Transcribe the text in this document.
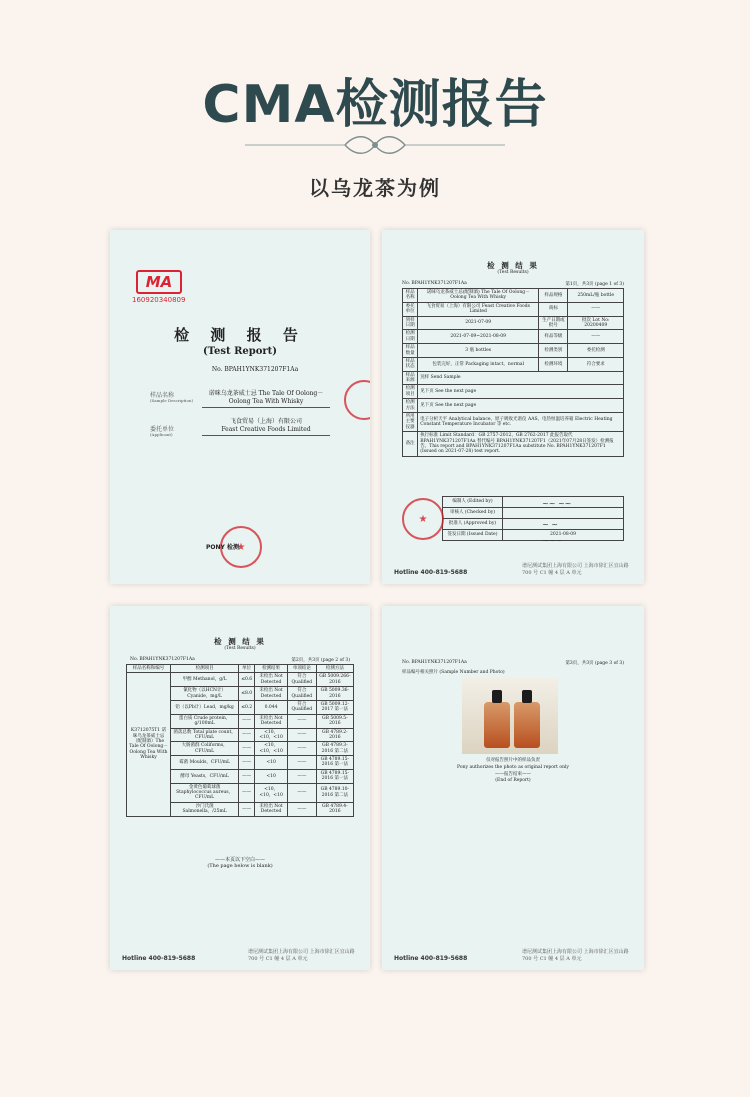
CMA检测报告
以乌龙茶为例
MA
160920340809
检 测 报 告
(Test Report)
No. BPAH1YNK371207F1Aa
样品名称
(Sample Description)
诺咪乌龙茶威士忌 The Tale Of Oolong－ Oolong Tea With Whisky
委托单位
(Applicant)
飞食贸易（上海）有限公司
Feast Creative Foods Limited
★
PONY 检测
检 测 结 果
(Test Results)
No. BPAH1YNK371207F1Aa	第1页，共3页 (page 1 of 3)
样品名称	诺咪乌龙茶威士忌(配制酒) The Tale Of Oolong－Oolong Tea With Whisky	样品规格	250mL/瓶 bottle
委托单位	飞食贸易（上海）有限公司 Feast Creative Foods Limited	商标	——
到样日期	2021-07-09	生产日期或批号	批次 Lot No: 20200409
检测日期	2021-07-09~2021-08-09	样品等级	——
样品数量	3 瓶 bottles	检测类别	委托检测
样品状态	包装完好，正常 Packaging intact，normal	检测环境	符合要求
样品来源	送样 Send Sample		
检测项目	见下页 See the next page		
检测方法	见下页 See the next page		
所用主要仪器	电子分析天平 Analytical balance、原子吸收光谱仪 AAS、电热恒温培养箱 Electric Heating Constant Temperature Incubator 等 etc.		
备注	执行标准 Limit Standard：GB 2757-2012、GB 2762-2017 此报告取代 BPAH1YNK371207F1Aa 替代编号 BPAH1YNK371207F1（2021年07月28日签发）检测报告。This report and BPAH1YNK371207F1Aa substitute No. BPAH1YNK371207F1 (Issued on 2021-07-28) test report.		
编制人 (Edited by)	
审核人 (Checked by)	
批准人 (Approved by)	
签发日期 (Issued Date)	2021-08-09
~~ ~~
~ ~
~~~
★
Hotline 400-819-5688
谱尼测试集团上海有限公司 上海市徐汇区宜山路 700 号 C1 幢 4 层 A 单元
检 测 结 果
(Test Results)
No. BPAH1YNK371207F1Aa	第2页，共3页 (page 2 of 3)
样品名称和编号	检测项目	单位	检测结果	单项结论	检测方法
K3712075T1 诺咪乌龙茶威士忌（配制酒）The Tale Of Oolong－Oolong Tea With Whisky	甲醇 Methanol，g/L	≤0.6	未检出 Not Detected	符合 Qualified	GB 5009.266-2016
	氰化物（以HCN计）Cyanide，mg/L	≤8.0	未检出 Not Detected	符合 Qualified	GB 5009.36-2016
	铅（以Pb计）Lead，mg/kg	≤0.2	0.044	符合 Qualified	GB 5009.12-2017 第一法
	蛋白质 Crude protein，g/100mL	——	未检出 Not Detected	——	GB 5009.5-2016
	菌落总数 Total plate count，CFU/mL	——	<10，<10，<10	——	GB 4789.2-2016
	大肠菌群 Coliforms，CFU/mL	——	<10，<10，<10	——	GB 4789.3-2016 第二法
	霉菌 Moulds，CFU/mL	——	<10	——	GB 4789.15-2016 第一法
	酵母 Yeasts，CFU/mL	——	<10	——	GB 4789.15-2016 第一法
	金黄色葡萄球菌 Staphylococcus aureus，CFU/mL	——	<10，<10，<10	——	GB 4789.10-2016 第二法
	沙门氏菌 Salmonella，/25mL	——	未检出 Not Detected	——	GB 4789.4-2016
——本页以下空白——
(The page below is blank)
Hotline 400-819-5688
谱尼测试集团上海有限公司 上海市徐汇区宜山路 700 号 C1 幢 4 层 A 单元
No. BPAH1YNK371207F1Aa	第3页，共3页 (page 3 of 3)
样品编号相关照片 (Sample Number and Photo)
仅对报告照片中的样品负责
Pony authorizes the photo as original report only
——报告结束——
(End of Report)
Hotline 400-819-5688
谱尼测试集团上海有限公司 上海市徐汇区宜山路 700 号 C1 幢 4 层 A 单元
